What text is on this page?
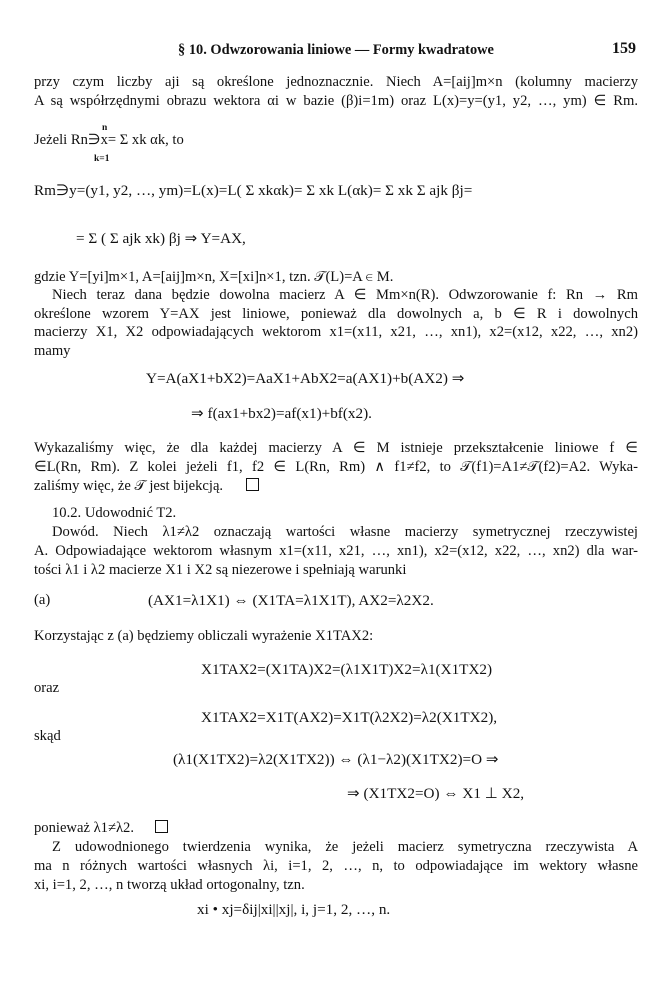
§ 10. Odwzorowania liniowe — Formy kwadratowe	159
przy czym liczby aji są określone jednoznacznie. Niech A=[aij]m×n (kolumny macierzy
A są współrzędnymi obrazu wektora αi w bazie (β)i=1m) oraz L(x)=y=(y1, y2, …, ym) ∈ Rm.
Jeżeli Rn∋x= Σ xk αk, to
n
k=1
Rm∋y=(y1, y2, …, ym)=L(x)=L( Σ xkαk)= Σ xk L(αk)= Σ xk Σ ajk βj=
= Σ ( Σ ajk xk) βj ⇒ Y=AX,
gdzie Y=[yi]m×1, A=[aij]m×n, X=[xi]n×1, tzn. 𝒯(L)=A ∈ M.
Niech teraz dana będzie dowolna macierz A ∈ Mm×n(R). Odwzorowanie f: Rn → Rm
określone wzorem Y=AX jest liniowe, ponieważ dla dowolnych a, b ∈ R i dowolnych
macierzy X1, X2 odpowiadających wektorom x1=(x11, x21, …, xn1), x2=(x12, x22, …, xn2)
mamy
Y=A(aX1+bX2)=AaX1+AbX2=a(AX1)+b(AX2) ⇒
⇒ f(ax1+bx2)=af(x1)+bf(x2).
Wykazaliśmy więc, że dla każdej macierzy A ∈ M istnieje przekształcenie liniowe f ∈
∈L(Rn, Rm). Z kolei jeżeli f1, f2 ∈ L(Rn, Rm) ∧ f1≠f2, to 𝒯(f1)=A1≠𝒯(f2)=A2. Wyka-
zaliśmy więc, że 𝒯 jest bijekcją.
10.2. Udowodnić T2.
Dowód. Niech λ1≠λ2 oznaczają wartości własne macierzy symetrycznej rzeczywistej
A. Odpowiadające wektorom własnym x1=(x11, x21, …, xn1), x2=(x12, x22, …, xn2) dla war-
tości λ1 i λ2 macierze X1 i X2 są niezerowe i spełniają warunki
(a)	(AX1=λ1X1) ⇔ (X1TA=λ1X1T), AX2=λ2X2.
Korzystając z (a) będziemy obliczali wyrażenie X1TAX2:
X1TAX2=(X1TA)X2=(λ1X1T)X2=λ1(X1TX2)
oraz
X1TAX2=X1T(AX2)=X1T(λ2X2)=λ2(X1TX2),
skąd
(λ1(X1TX2)=λ2(X1TX2)) ⇔ (λ1−λ2)(X1TX2)=O ⇒
⇒ (X1TX2=O) ⇔ X1 ⊥ X2,
ponieważ λ1≠λ2.
Z udowodnionego twierdzenia wynika, że jeżeli macierz symetryczna rzeczywista A
ma n różnych wartości własnych λi, i=1, 2, …, n, to odpowiadające im wektory własne
xi, i=1, 2, …, n tworzą układ ortogonalny, tzn.
xi • xj=δij|xi||xj|, i, j=1, 2, …, n.
